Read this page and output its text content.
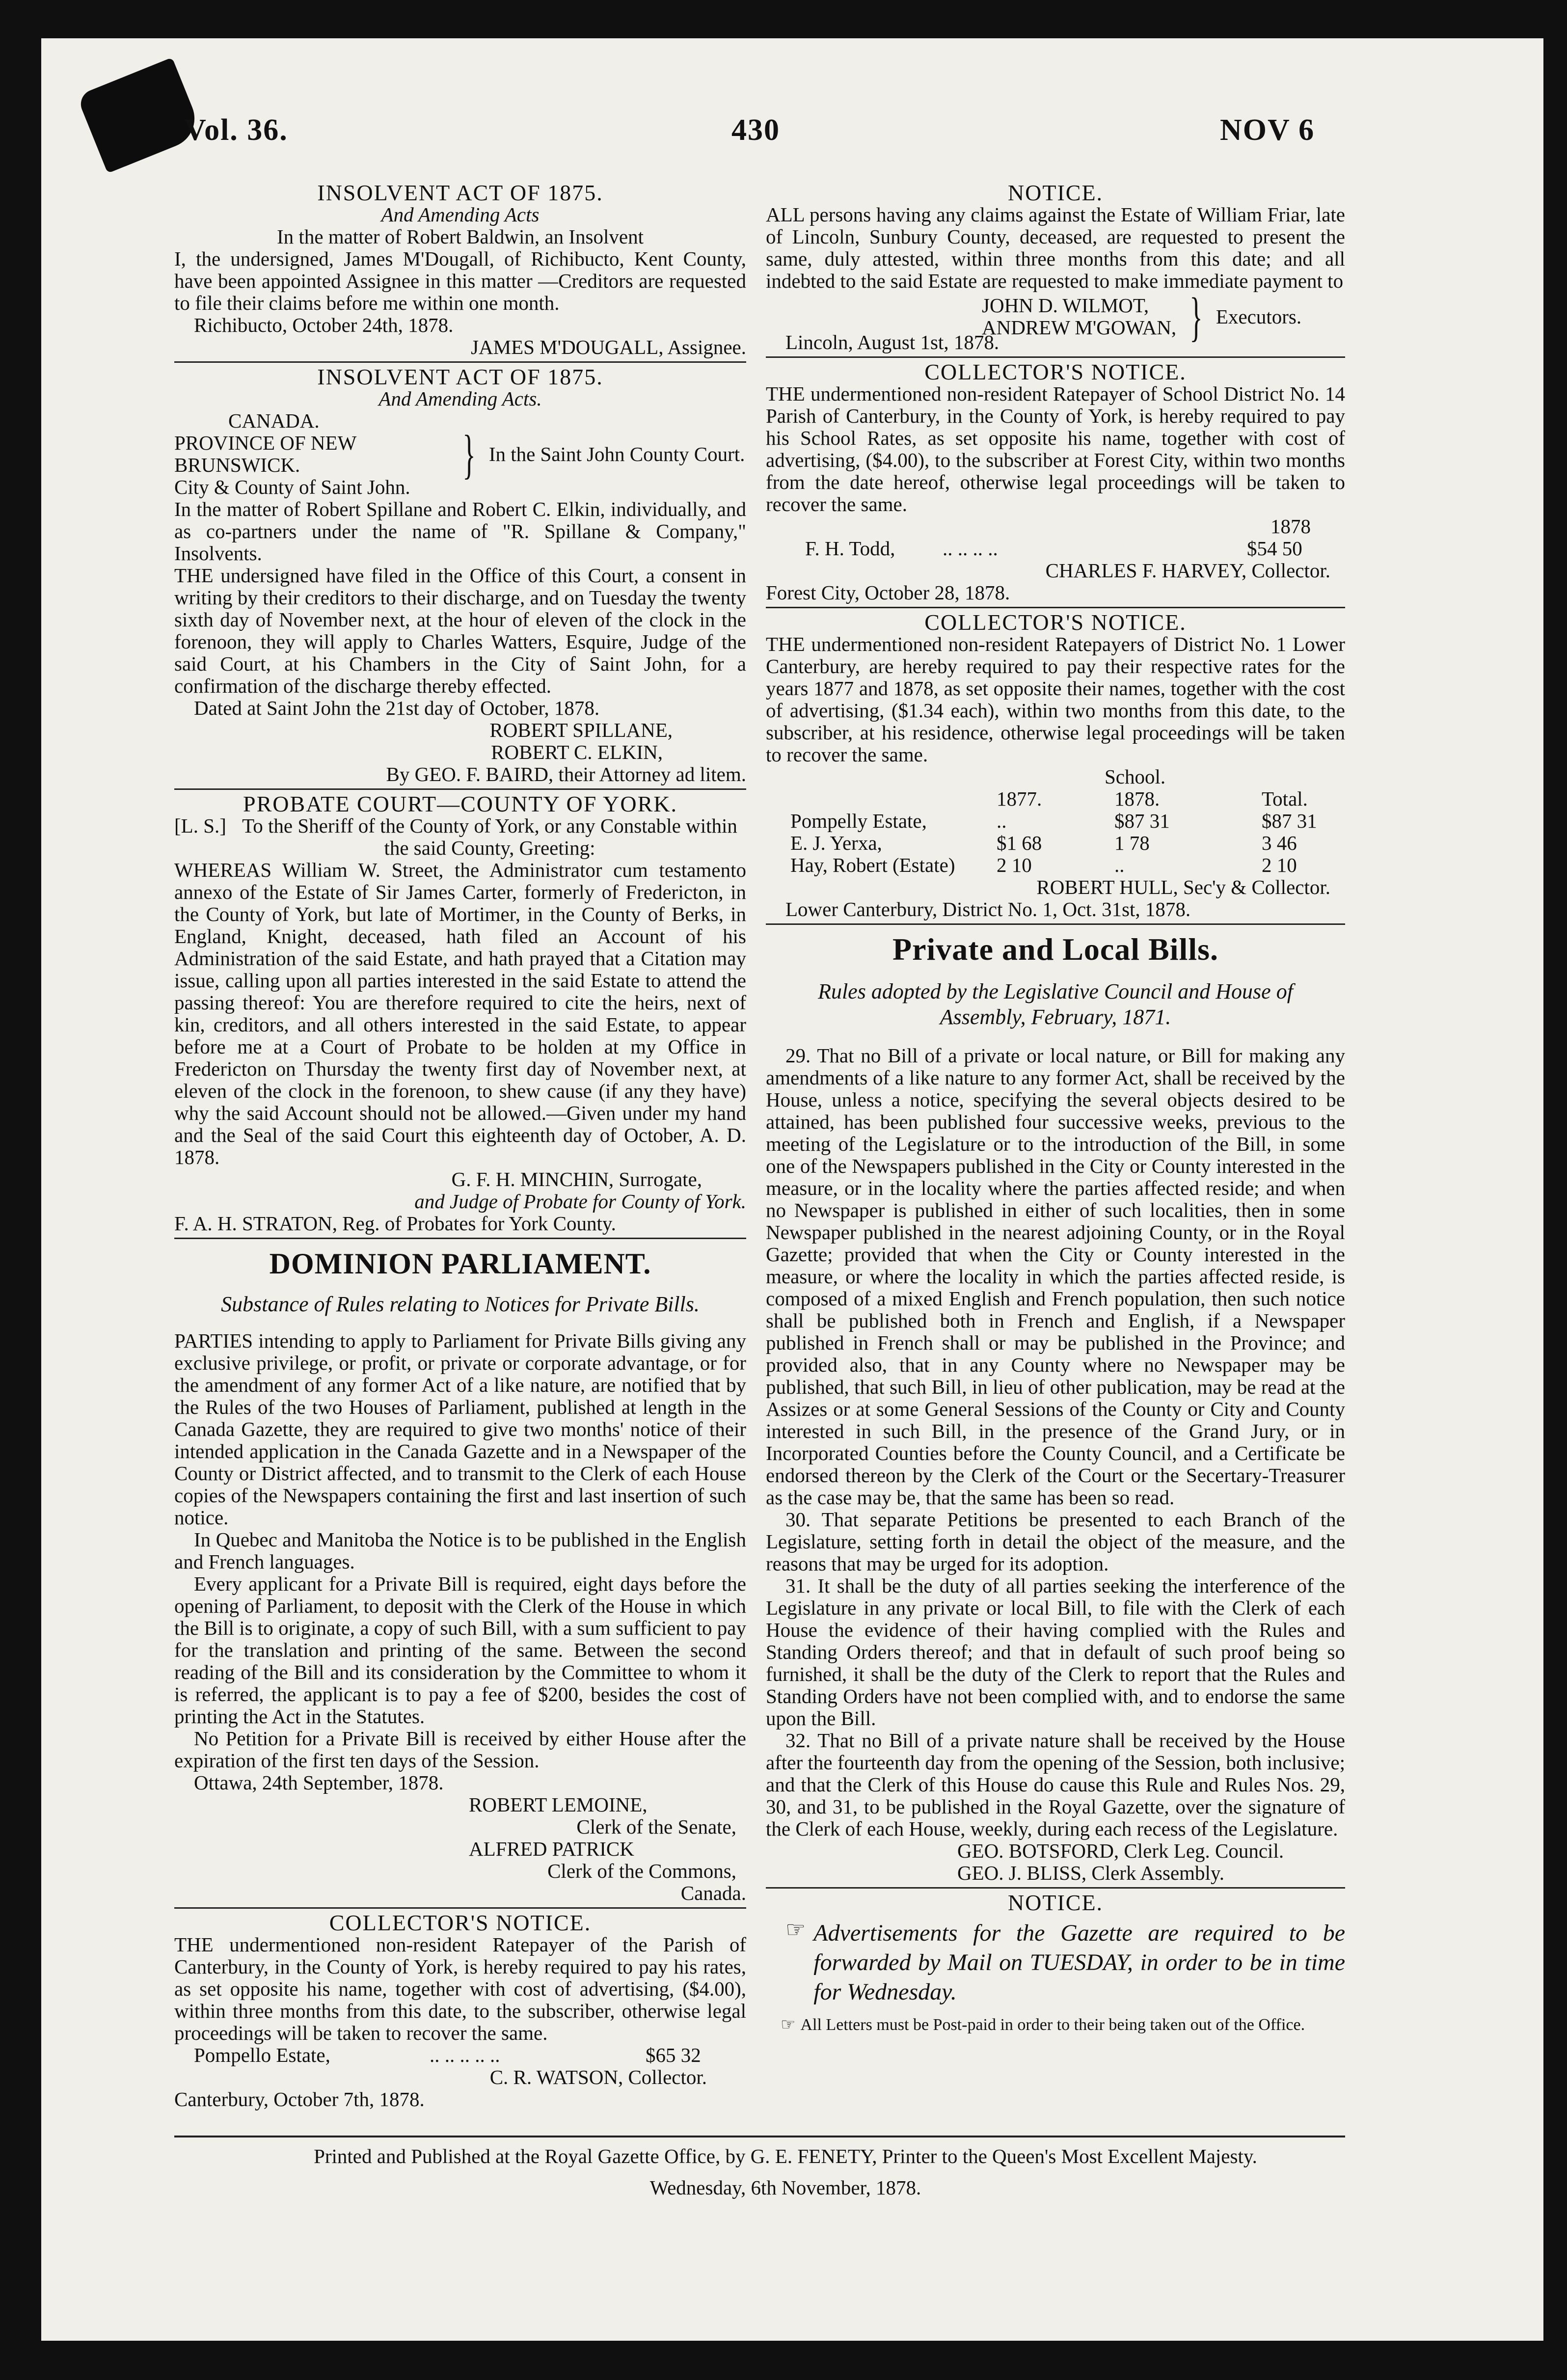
Vol. 36.	430	NOV 6
INSOLVENT ACT OF 1875.
And Amending Acts
In the matter of Robert Baldwin, an Insolvent

I, the undersigned, James M'Dougall, of Richibucto, Kent County, have been appointed Assignee in this matter —Creditors are requested to file their claims before me within one month.

Richibucto, October 24th, 1878.

JAMES M'DOUGALL, Assignee.

INSOLVENT ACT OF 1875.
And Amending Acts.
CANADA.
PROVINCE OF NEW BRUNSWICK.
City & County of Saint John.
} In the Saint John County Court.

In the matter of Robert Spillane and Robert C. Elkin, individually, and as co-partners under the name of "R. Spillane & Company," Insolvents.

THE undersigned have filed in the Office of this Court, a consent in writing by their creditors to their discharge, and on Tuesday the twenty sixth day of November next, at the hour of eleven of the clock in the forenoon, they will apply to Charles Watters, Esquire, Judge of the said Court, at his Chambers in the City of Saint John, for a confirmation of the discharge thereby effected.

Dated at Saint John the 21st day of October, 1878.

ROBERT SPILLANE,

ROBERT C. ELKIN,

By GEO. F. BAIRD, their Attorney ad litem.

PROBATE COURT—COUNTY OF YORK.
[L. S.] To the Sheriff of the County of York, or any Constable within the said County, Greeting:

WHEREAS William W. Street, the Administrator cum testamento annexo of the Estate of Sir James Carter, formerly of Fredericton, in the County of York, but late of Mortimer, in the County of Berks, in England, Knight, deceased, hath filed an Account of his Administration of the said Estate, and hath prayed that a Citation may issue, calling upon all parties interested in the said Estate to attend the passing thereof: You are therefore required to cite the heirs, next of kin, creditors, and all others interested in the said Estate, to appear before me at a Court of Probate to be holden at my Office in Fredericton on Thursday the twenty first day of November next, at eleven of the clock in the forenoon, to shew cause (if any they have) why the said Account should not be allowed.—Given under my hand and the Seal of the said Court this eighteenth day of October, A. D. 1878.

G. F. H. MINCHIN, Surrogate,

and Judge of Probate for County of York.

F. A. H. STRATON, Reg. of Probates for York County.

DOMINION PARLIAMENT.
Substance of Rules relating to Notices for Private Bills.

PARTIES intending to apply to Parliament for Private Bills giving any exclusive privilege, or profit, or private or corporate advantage, or for the amendment of any former Act of a like nature, are notified that by the Rules of the two Houses of Parliament, published at length in the Canada Gazette, they are required to give two months' notice of their intended application in the Canada Gazette and in a Newspaper of the County or District affected, and to transmit to the Clerk of each House copies of the Newspapers containing the first and last insertion of such notice.

In Quebec and Manitoba the Notice is to be published in the English and French languages.

Every applicant for a Private Bill is required, eight days before the opening of Parliament, to deposit with the Clerk of the House in which the Bill is to originate, a copy of such Bill, with a sum sufficient to pay for the translation and printing of the same. Between the second reading of the Bill and its consideration by the Committee to whom it is referred, the applicant is to pay a fee of $200, besides the cost of printing the Act in the Statutes.

No Petition for a Private Bill is received by either House after the expiration of the first ten days of the Session.

Ottawa, 24th September, 1878.

ROBERT LEMOINE,

Clerk of the Senate,

ALFRED PATRICK

Clerk of the Commons,

Canada.

COLLECTOR'S NOTICE.

THE undermentioned non-resident Ratepayer of the Parish of Canterbury, in the County of York, is hereby required to pay his rates, as set opposite his name, together with cost of advertising, ($4.00), within three months from this date, to the subscriber, otherwise legal proceedings will be taken to recover the same.

Pompello Estate,	.. .. .. .. ..	$65 32

C. R. WATSON, Collector.

Canterbury, October 7th, 1878.

NOTICE.

ALL persons having any claims against the Estate of William Friar, late of Lincoln, Sunbury County, deceased, are requested to present the same, duly attested, within three months from this date; and all indebted to the said Estate are requested to make immediate payment to

JOHN D. WILMOT,
ANDREW M'GOWAN, } Executors.

Lincoln, August 1st, 1878.

COLLECTOR'S NOTICE.

THE undermentioned non-resident Ratepayer of School District No. 14 Parish of Canterbury, in the County of York, is hereby required to pay his School Rates, as set opposite his name, together with cost of advertising, ($4.00), to the subscriber at Forest City, within two months from the date hereof, otherwise legal proceedings will be taken to recover the same.

1878

F. H. Todd,	.. .. .. ..	$54 50

CHARLES F. HARVEY, Collector.

Forest City, October 28, 1878.

COLLECTOR'S NOTICE.

THE undermentioned non-resident Ratepayers of District No. 1 Lower Canterbury, are hereby required to pay their respective rates for the years 1877 and 1878, as set opposite their names, together with the cost of advertising, ($1.34 each), within two months from this date, to the subscriber, at his residence, otherwise legal proceedings will be taken to recover the same.

School.
	1877.	1878.	Total.
Pompelly Estate,	..	$87 31	$87 31
E. J. Yerxa,	$1 68	1 78	3 46
Hay, Robert (Estate)	2 10	..	2 10

ROBERT HULL, Sec'y & Collector.

Lower Canterbury, District No. 1, Oct. 31st, 1878.

Private and Local Bills.
Rules adopted by the Legislative Council and House of Assembly, February, 1871.

29. That no Bill of a private or local nature, or Bill for making any amendments of a like nature to any former Act, shall be received by the House, unless a notice, specifying the several objects desired to be attained, has been published four successive weeks, previous to the meeting of the Legislature or to the introduction of the Bill, in some one of the Newspapers published in the City or County interested in the measure, or in the locality where the parties affected reside; and when no Newspaper is published in either of such localities, then in some Newspaper published in the nearest adjoining County, or in the Royal Gazette; provided that when the City or County interested in the measure, or where the locality in which the parties affected reside, is composed of a mixed English and French population, then such notice shall be published both in French and English, if a Newspaper published in French shall or may be published in the Province; and provided also, that in any County where no Newspaper may be published, that such Bill, in lieu of other publication, may be read at the Assizes or at some General Sessions of the County or City and County interested in such Bill, in the presence of the Grand Jury, or in Incorporated Counties before the County Council, and a Certificate be endorsed thereon by the Clerk of the Court or the Secertary-Treasurer as the case may be, that the same has been so read.

30. That separate Petitions be presented to each Branch of the Legislature, setting forth in detail the object of the measure, and the reasons that may be urged for its adoption.

31. It shall be the duty of all parties seeking the interference of the Legislature in any private or local Bill, to file with the Clerk of each House the evidence of their having complied with the Rules and Standing Orders thereof; and that in default of such proof being so furnished, it shall be the duty of the Clerk to report that the Rules and Standing Orders have not been complied with, and to endorse the same upon the Bill.

32. That no Bill of a private nature shall be received by the House after the fourteenth day from the opening of the Session, both inclusive; and that the Clerk of this House do cause this Rule and Rules Nos. 29, 30, and 31, to be published in the Royal Gazette, over the signature of the Clerk of each House, weekly, during each recess of the Legislature.

GEO. BOTSFORD, Clerk Leg. Council.

GEO. J. BLISS, Clerk Assembly.

NOTICE.
☞ Advertisements for the Gazette are required to be forwarded by Mail on TUESDAY, in order to be in time for Wednesday.

☞ All Letters must be Post-paid in order to their being taken out of the Office.

Printed and Published at the Royal Gazette Office, by G. E. FENETY, Printer to the Queen's Most Excellent Majesty.
Wednesday, 6th November, 1878.
